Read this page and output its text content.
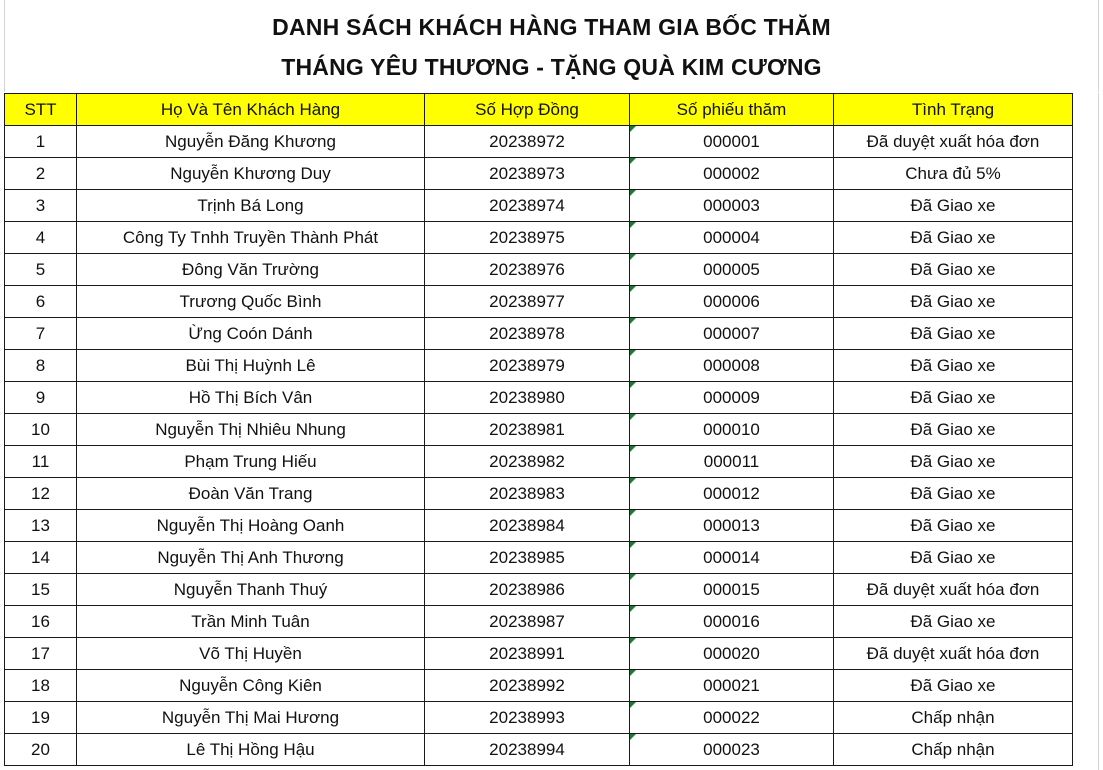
DANH SÁCH KHÁCH HÀNG THAM GIA BỐC THĂM
THÁNG YÊU THƯƠNG - TẶNG QUÀ KIM CƯƠNG
STT	Họ Và Tên Khách Hàng	Số Hợp Đồng	Số phiếu thăm	Tình Trạng
1	Nguyễn Đăng Khương	20238972	000001	Đã duyệt xuất hóa đơn
2	Nguyễn Khương Duy	20238973	000002	Chưa đủ 5%
3	Trịnh Bá Long	20238974	000003	Đã Giao xe
4	Công Ty Tnhh Truyền Thành Phát	20238975	000004	Đã Giao xe
5	Đông Văn Trường	20238976	000005	Đã Giao xe
6	Trương Quốc Bình	20238977	000006	Đã Giao xe
7	Ừng Coón Dánh	20238978	000007	Đã Giao xe
8	Bùi Thị Huỳnh Lê	20238979	000008	Đã Giao xe
9	Hồ Thị Bích Vân	20238980	000009	Đã Giao xe
10	Nguyễn Thị Nhiêu Nhung	20238981	000010	Đã Giao xe
11	Phạm Trung Hiếu	20238982	000011	Đã Giao xe
12	Đoàn Văn Trang	20238983	000012	Đã Giao xe
13	Nguyễn Thị Hoàng Oanh	20238984	000013	Đã Giao xe
14	Nguyễn Thị Anh Thương	20238985	000014	Đã Giao xe
15	Nguyễn Thanh Thuý	20238986	000015	Đã duyệt xuất hóa đơn
16	Trần Minh Tuân	20238987	000016	Đã Giao xe
17	Võ Thị Huyền	20238991	000020	Đã duyệt xuất hóa đơn
18	Nguyễn Công Kiên	20238992	000021	Đã Giao xe
19	Nguyễn Thị Mai Hương	20238993	000022	Chấp nhận
20	Lê Thị Hồng Hậu	20238994	000023	Chấp nhận
